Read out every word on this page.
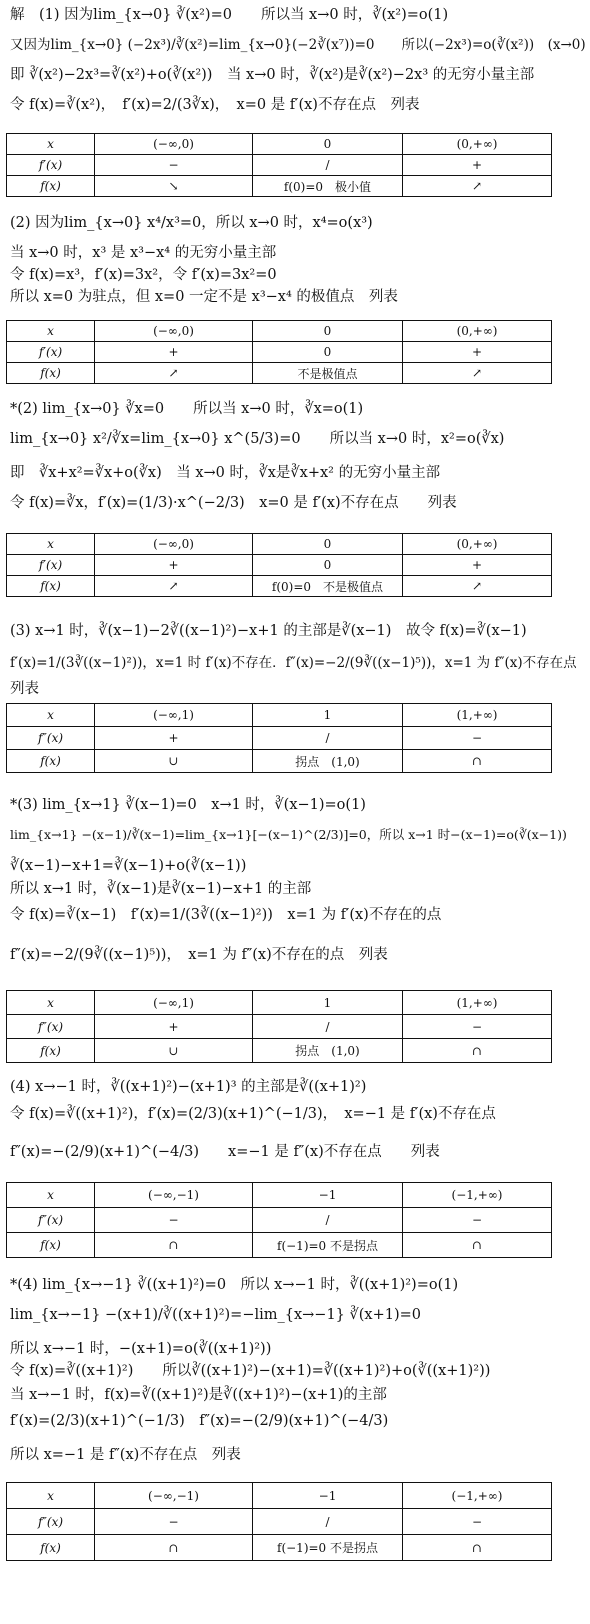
解　(1) 因为lim_{x→0} ∛(x²)=0　　所以当 x→0 时，∛(x²)=o(1)
又因为lim_{x→0} (−2x³)/∛(x²)=lim_{x→0}(−2∛(x⁷))=0　　所以(−2x³)=o(∛(x²))　(x→0)
即 ∛(x²)−2x³=∛(x²)+o(∛(x²))　当 x→0 时，∛(x²)是∛(x²)−2x³ 的无穷小量主部
令 f(x)=∛(x²)，　f′(x)=2/(3∛x)，　x=0 是 f′(x)不存在点　列表
x	(−∞,0)	0	(0,+∞)
f′(x)	−	/	+
f(x)	↘	f(0)=0　极小值	↗
(2) 因为lim_{x→0} x⁴/x³=0，所以 x→0 时，x⁴=o(x³)
当 x→0 时，x³ 是 x³−x⁴ 的无穷小量主部
令 f(x)=x³，f′(x)=3x²，令 f′(x)=3x²=0
所以 x=0 为驻点，但 x=0 一定不是 x³−x⁴ 的极值点　列表
x	(−∞,0)	0	(0,+∞)
f′(x)	+	0	+
f(x)	↗	不是极值点	↗
*(2) lim_{x→0} ∛x=0　　所以当 x→0 时，∛x=o(1)
lim_{x→0} x²/∛x=lim_{x→0} x^(5/3)=0　　所以当 x→0 时，x²=o(∛x)
即　∛x+x²=∛x+o(∛x)　当 x→0 时，∛x是∛x+x² 的无穷小量主部
令 f(x)=∛x，f′(x)=(1/3)·x^(−2/3)　x=0 是 f′(x)不存在点　　列表
x	(−∞,0)	0	(0,+∞)
f′(x)	+	0	+
f(x)	↗	f(0)=0　不是极值点	↗
(3) x→1 时，∛(x−1)−2∛((x−1)²)−x+1 的主部是∛(x−1)　故令 f(x)=∛(x−1)
f′(x)=1/(3∛((x−1)²))，x=1 时 f′(x)不存在．f″(x)=−2/(9∛((x−1)⁵))，x=1 为 f″(x)不存在点
列表
x	(−∞,1)	1	(1,+∞)
f″(x)	+	/	−
f(x)	∪	拐点　(1,0)	∩
*(3) lim_{x→1} ∛(x−1)=0　x→1 时，∛(x−1)=o(1)
lim_{x→1} −(x−1)/∛(x−1)=lim_{x→1}[−(x−1)^(2/3)]=0，所以 x→1 时−(x−1)=o(∛(x−1))
∛(x−1)−x+1=∛(x−1)+o(∛(x−1))
所以 x→1 时，∛(x−1)是∛(x−1)−x+1 的主部
令 f(x)=∛(x−1)　f′(x)=1/(3∛((x−1)²))　x=1 为 f′(x)不存在的点
f″(x)=−2/(9∛((x−1)⁵))，　x=1 为 f″(x)不存在的点　列表
x	(−∞,1)	1	(1,+∞)
f″(x)	+	/	−
f(x)	∪	拐点　(1,0)	∩
(4) x→−1 时，∛((x+1)²)−(x+1)³ 的主部是∛((x+1)²)
令 f(x)=∛((x+1)²)，f′(x)=(2/3)(x+1)^(−1/3)，　x=−1 是 f′(x)不存在点
f″(x)=−(2/9)(x+1)^(−4/3)　　x=−1 是 f″(x)不存在点　　列表
x	(−∞,−1)	−1	(−1,+∞)
f″(x)	−	/	−
f(x)	∩	f(−1)=0 不是拐点	∩
*(4) lim_{x→−1} ∛((x+1)²)=0　所以 x→−1 时，∛((x+1)²)=o(1)
lim_{x→−1} −(x+1)/∛((x+1)²)=−lim_{x→−1} ∛(x+1)=0
所以 x→−1 时，−(x+1)=o(∛((x+1)²))
令 f(x)=∛((x+1)²)　　所以∛((x+1)²)−(x+1)=∛((x+1)²)+o(∛((x+1)²))
当 x→−1 时，f(x)=∛((x+1)²)是∛((x+1)²)−(x+1)的主部
f′(x)=(2/3)(x+1)^(−1/3)　f″(x)=−(2/9)(x+1)^(−4/3)
所以 x=−1 是 f″(x)不存在点　列表
x	(−∞,−1)	−1	(−1,+∞)
f″(x)	−	/	−
f(x)	∩	f(−1)=0 不是拐点	∩
